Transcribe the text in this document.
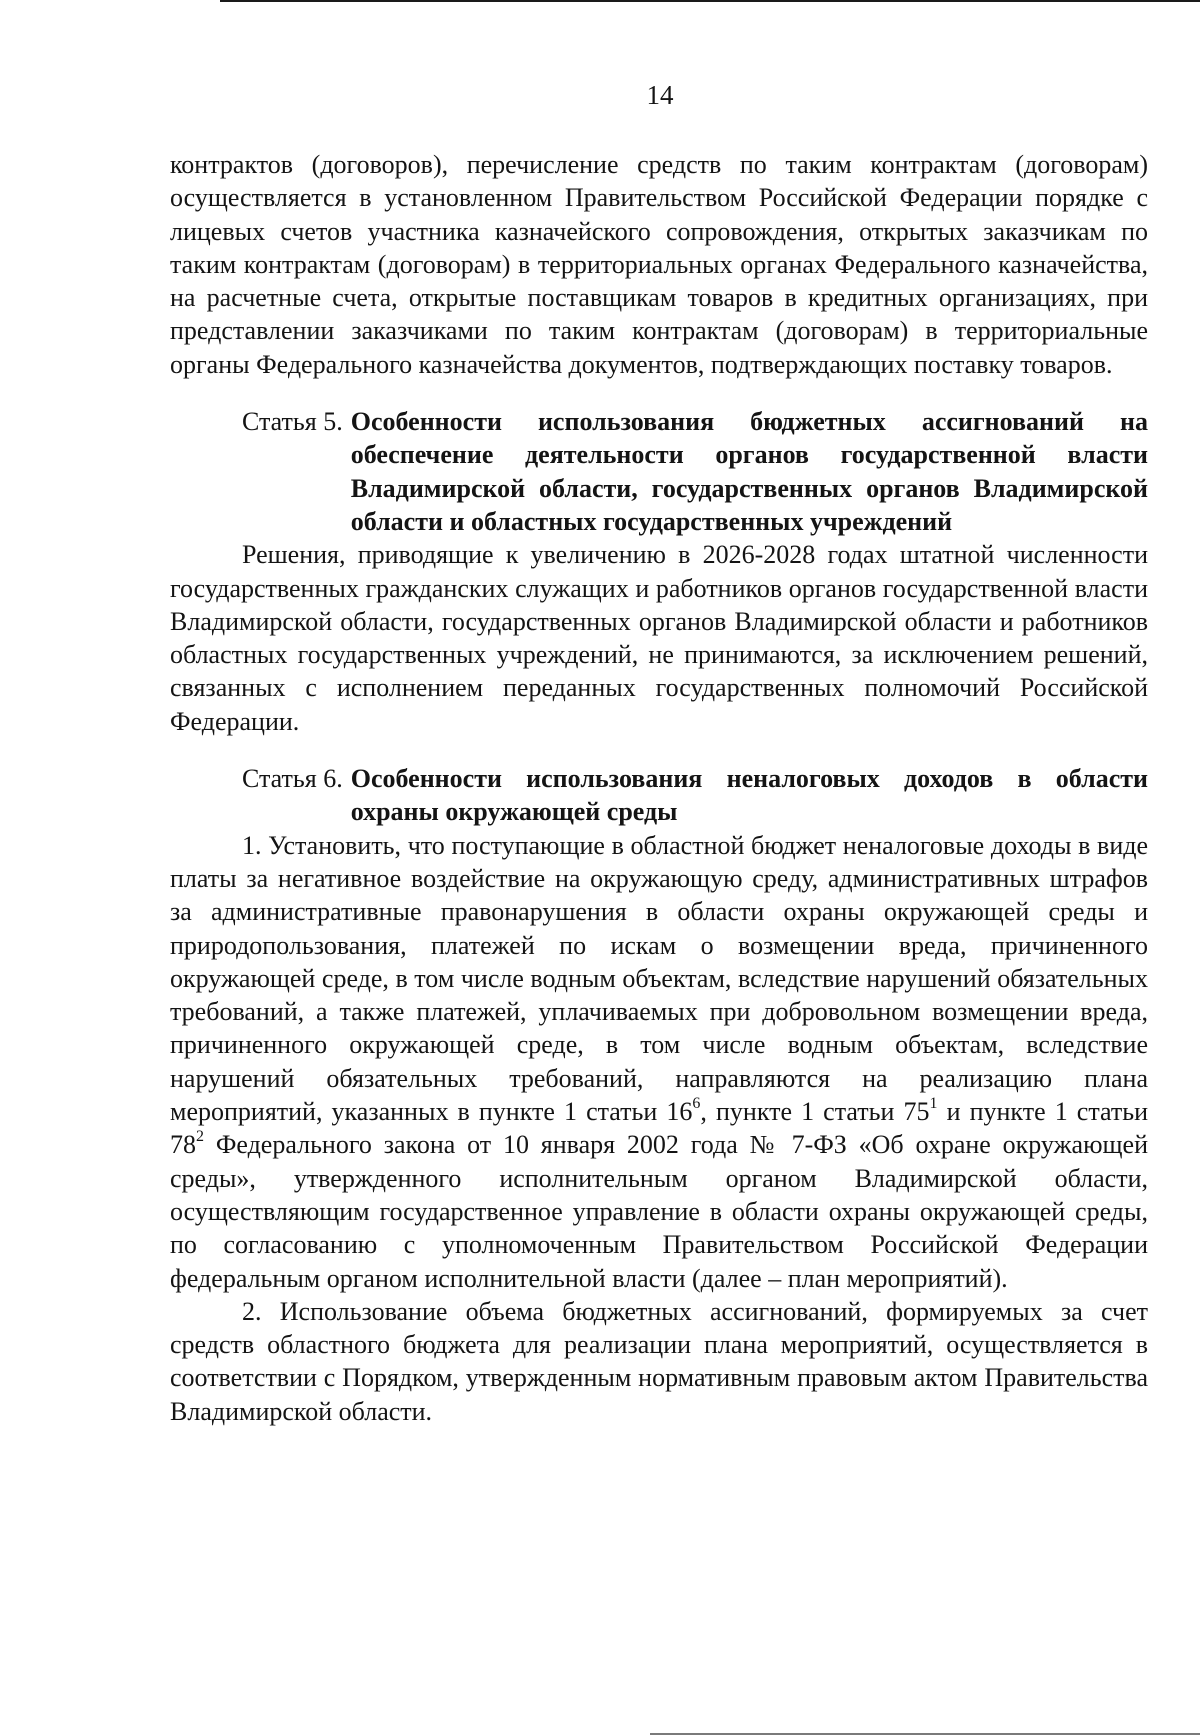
14

контрактов (договоров), перечисление средств по таким контрактам (договорам) осуществляется в установленном Правительством Российской Федерации порядке с лицевых счетов участника казначейского сопровождения, открытых заказчикам по таким контрактам (договорам) в территориальных органах Федерального казначейства, на расчетные счета, открытые поставщикам товаров в кредитных организациях, при представлении заказчиками по таким контрактам (договорам) в территориальные органы Федерального казначейства документов, подтверждающих поставку товаров.

Статья 5. Особенности использования бюджетных ассигнований на обеспечение деятельности органов государственной власти Владимирской области, государственных органов Владимирской области и областных государственных учреждений

Решения, приводящие к увеличению в 2026-2028 годах штатной численности государственных гражданских служащих и работников органов государственной власти Владимирской области, государственных органов Владимирской области и работников областных государственных учреждений, не принимаются, за исключением решений, связанных с исполнением переданных государственных полномочий Российской Федерации.

Статья 6. Особенности использования неналоговых доходов в области охраны окружающей среды

1. Установить, что поступающие в областной бюджет неналоговые доходы в виде платы за негативное воздействие на окружающую среду, административных штрафов за административные правонарушения в области охраны окружающей среды и природопользования, платежей по искам о возмещении вреда, причиненного окружающей среде, в том числе водным объектам, вследствие нарушений обязательных требований, а также платежей, уплачиваемых при добровольном возмещении вреда, причиненного окружающей среде, в том числе водным объектам, вследствие нарушений обязательных требований, направляются на реализацию плана мероприятий, указанных в пункте 1 статьи $16^6$, пункте 1 статьи $75^1$ и пункте 1 статьи $78^2$ Федерального закона от 10 января 2002 года № 7-ФЗ «Об охране окружающей среды», утвержденного исполнительным органом Владимирской области, осуществляющим государственное управление в области охраны окружающей среды, по согласованию с уполномоченным Правительством Российской Федерации федеральным органом исполнительной власти (далее – план мероприятий).

2. Использование объема бюджетных ассигнований, формируемых за счет средств областного бюджета для реализации плана мероприятий, осуществляется в соответствии с Порядком, утвержденным нормативным правовым актом Правительства Владимирской области.
